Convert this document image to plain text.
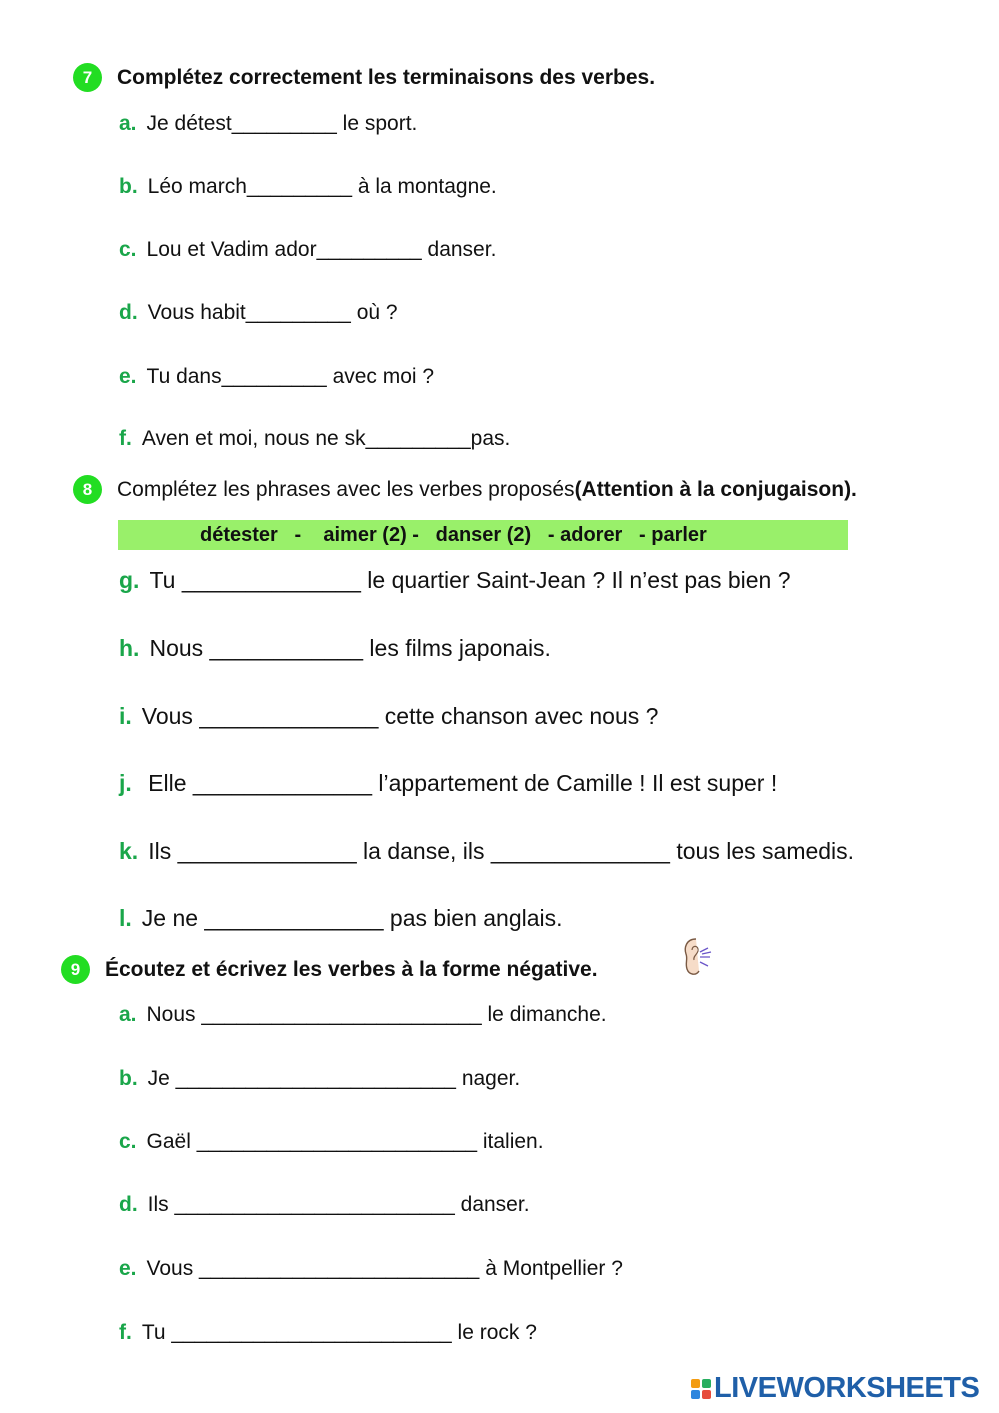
7	Complétez correctement les terminaisons des verbes.
a. Je détest_________ le sport.
b. Léo march_________ à la montagne.
c. Lou et Vadim ador_________ danser.
d. Vous habit_________ où ?
e. Tu dans_________ avec moi ?
f. Aven et moi, nous ne sk_________pas.
8	Complétez les phrases avec les verbes proposés (Attention à la conjugaison).
détester   -    aimer (2) -   danser (2)   - adorer   - parler
g. Tu ______________ le quartier Saint-Jean ? Il n’est pas bien ?
h. Nous ____________ les films japonais.
i. Vous ______________ cette chanson avec nous ?
j. Elle ______________ l’appartement de Camille ! Il est super !
k. Ils ______________ la danse, ils ______________ tous les samedis.
l. Je ne ______________ pas bien anglais.
9	Écoutez et écrivez les verbes à la forme négative.
a. Nous ________________________ le dimanche.
b. Je ________________________ nager.
c. Gaël ________________________ italien.
d. Ils ________________________ danser.
e. Vous ________________________ à Montpellier ?
f. Tu ________________________ le rock ?
LIVEWORKSHEETS
